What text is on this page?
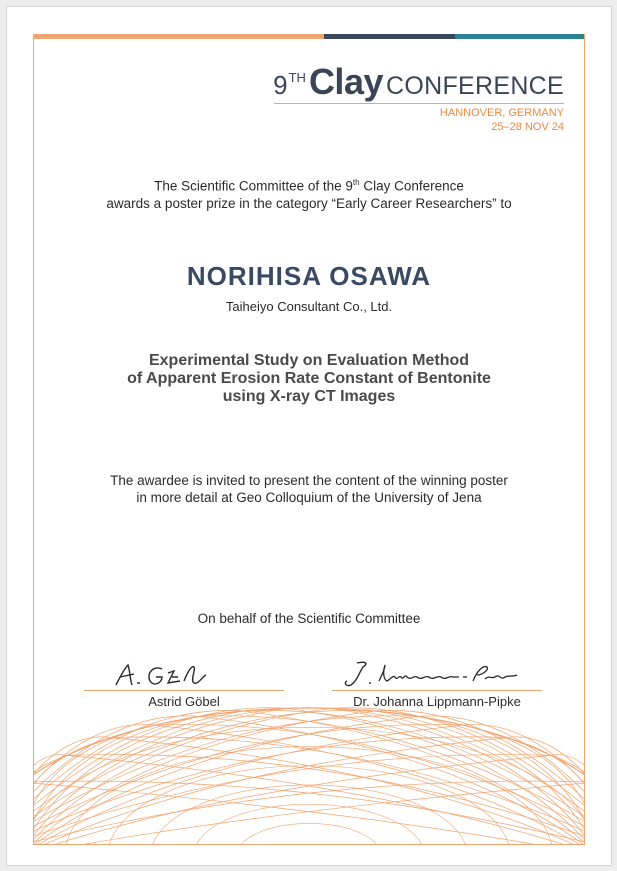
9 TH Clay CONFERENCE
HANNOVER, GERMANY
25–28 NOV 24
The Scientific Committee of the 9th Clay Conference
awards a poster prize in the category “Early Career Researchers” to
NORIHISA OSAWA
Taiheiyo Consultant Co., Ltd.
Experimental Study on Evaluation Method
of Apparent Erosion Rate Constant of Bentonite
using X-ray CT Images
The awardee is invited to present the content of the winning poster
in more detail at Geo Colloquium of the University of Jena
On behalf of the Scientific Committee
Astrid Göbel	Dr. Johanna Lippmann-Pipke
